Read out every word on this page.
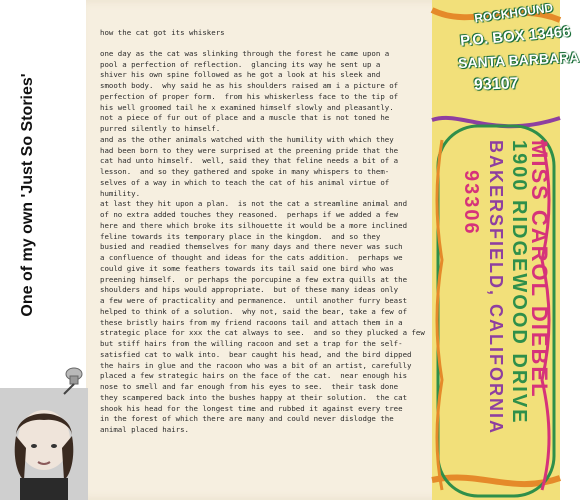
One of my own 'Just So Stories'
how the cat got its whiskers
one day as the cat was slinking through the forest he came upon a
pool a perfection of reflection.  glancing its way he sent up a
shiver his own spine followed as he got a look at his sleek and
smooth body.  why said he as his shoulders raised am i a picture of
perfection of proper form.  from his whiskerless face to the tip of
his well groomed tail he x examined himself slowly and pleasantly.
not a piece of fur out of place and a muscle that is not toned he
purred silently to himself.
and as the other animals watched with the humility with which they
had been born to they were surprised at the preening pride that the
cat had unto himself.  well, said they that feline needs a bit of a
lesson.  and so they gathered and spoke in many whispers to them-
selves of a way in which to teach the cat of his animal virtue of
humility.
at last they hit upon a plan.  is not the cat a streamline animal and
of no extra added touches they reasoned.  perhaps if we added a few
here and there which broke its silhouette it would be a more inclined
feline towards its temporary place in the kingdom.  and so they
busied and readied themselves for many days and there never was such
a confluence of thought and ideas for the cats addition.  perhaps we
could give it some feathers towards its tail said one bird who was
preening himself.  or perhaps the porcupine a few extra quills at the
shoulders and hips would appropriate.  but of these many ideas only
a few were of practicality and permanence.  until another furry beast
helped to think of a solution.  why not, said the bear, take a few of
these bristly hairs from my friend racoons tail and attach them in a
strategic place for xxx the cat always to see.  and so they plucked a few
but stiff hairs from the willing racoon and set a trap for the self-
satisfied cat to walk into.  bear caught his head, and the bird dipped
the hairs in glue and the racoon who was a bit of an artist, carefully
placed a few strategic hairs on the face of the cat.  near enough his
nose to smell and far enough from his eyes to see.  their task done
they scampered back into the bushes happy at their solution.  the cat
shook his head for the longest time and rubbed it against every tree
in the forest of which there are many and could never dislodge the
animal placed hairs.
ROCKHOUND
P.O. BOX 13466
SANTA BARBARA
93107
MISS CAROL DIEBEL
1900 RIDGEWOOD DRIVE
BAKERSFIELD, CALIFORNIA
93306
